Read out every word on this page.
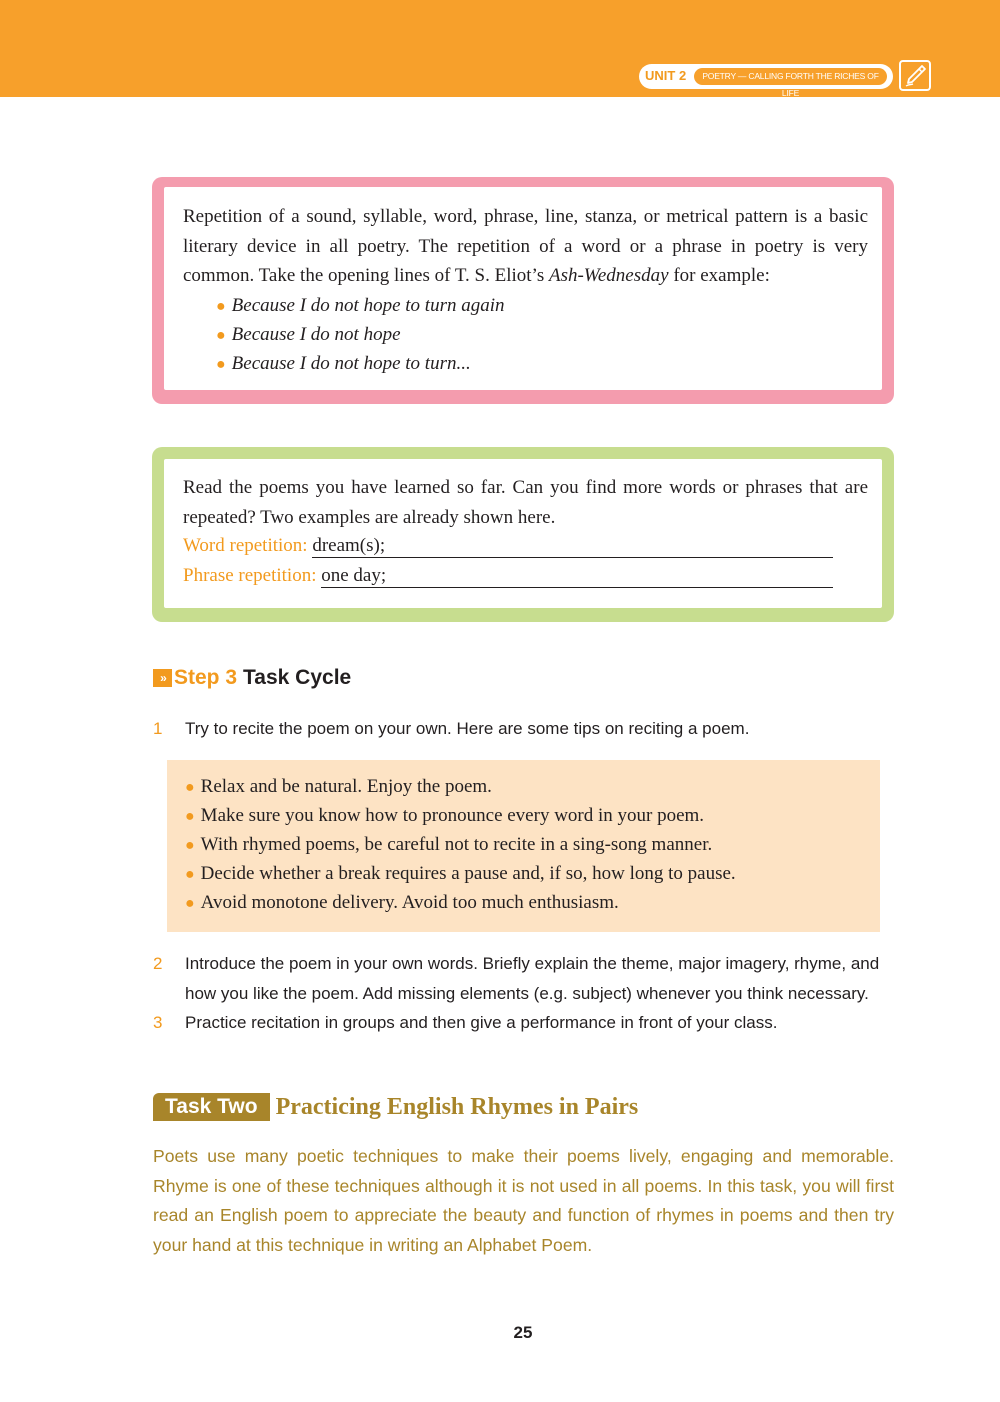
UNIT 2	POETRY — CALLING FORTH THE RICHES OF LIFE
Repetition of a sound, syllable, word, phrase, line, stanza, or metrical pattern is a basic literary device in all poetry. The repetition of a word or a phrase in poetry is very common. Take the opening lines of T. S. Eliot’s Ash-Wednesday for example:
● Because I do not hope to turn again
● Because I do not hope
● Because I do not hope to turn...
Read the poems you have learned so far. Can you find more words or phrases that are repeated? Two examples are already shown here.
Word repetition: dream(s);
Phrase repetition: one day;
» Step 3 Task Cycle
1 Try to recite the poem on your own. Here are some tips on reciting a poem.
● Relax and be natural. Enjoy the poem.
● Make sure you know how to pronounce every word in your poem.
● With rhymed poems, be careful not to recite in a sing-song manner.
● Decide whether a break requires a pause and, if so, how long to pause.
● Avoid monotone delivery. Avoid too much enthusiasm.
2 Introduce the poem in your own words. Briefly explain the theme, major imagery, rhyme, and how you like the poem. Add missing elements (e.g. subject) whenever you think necessary.
3 Practice recitation in groups and then give a performance in front of your class.
Task Two Practicing English Rhymes in Pairs
Poets use many poetic techniques to make their poems lively, engaging and memorable. Rhyme is one of these techniques although it is not used in all poems. In this task, you will first read an English poem to appreciate the beauty and function of rhymes in poems and then try your hand at this technique in writing an Alphabet Poem.
25
